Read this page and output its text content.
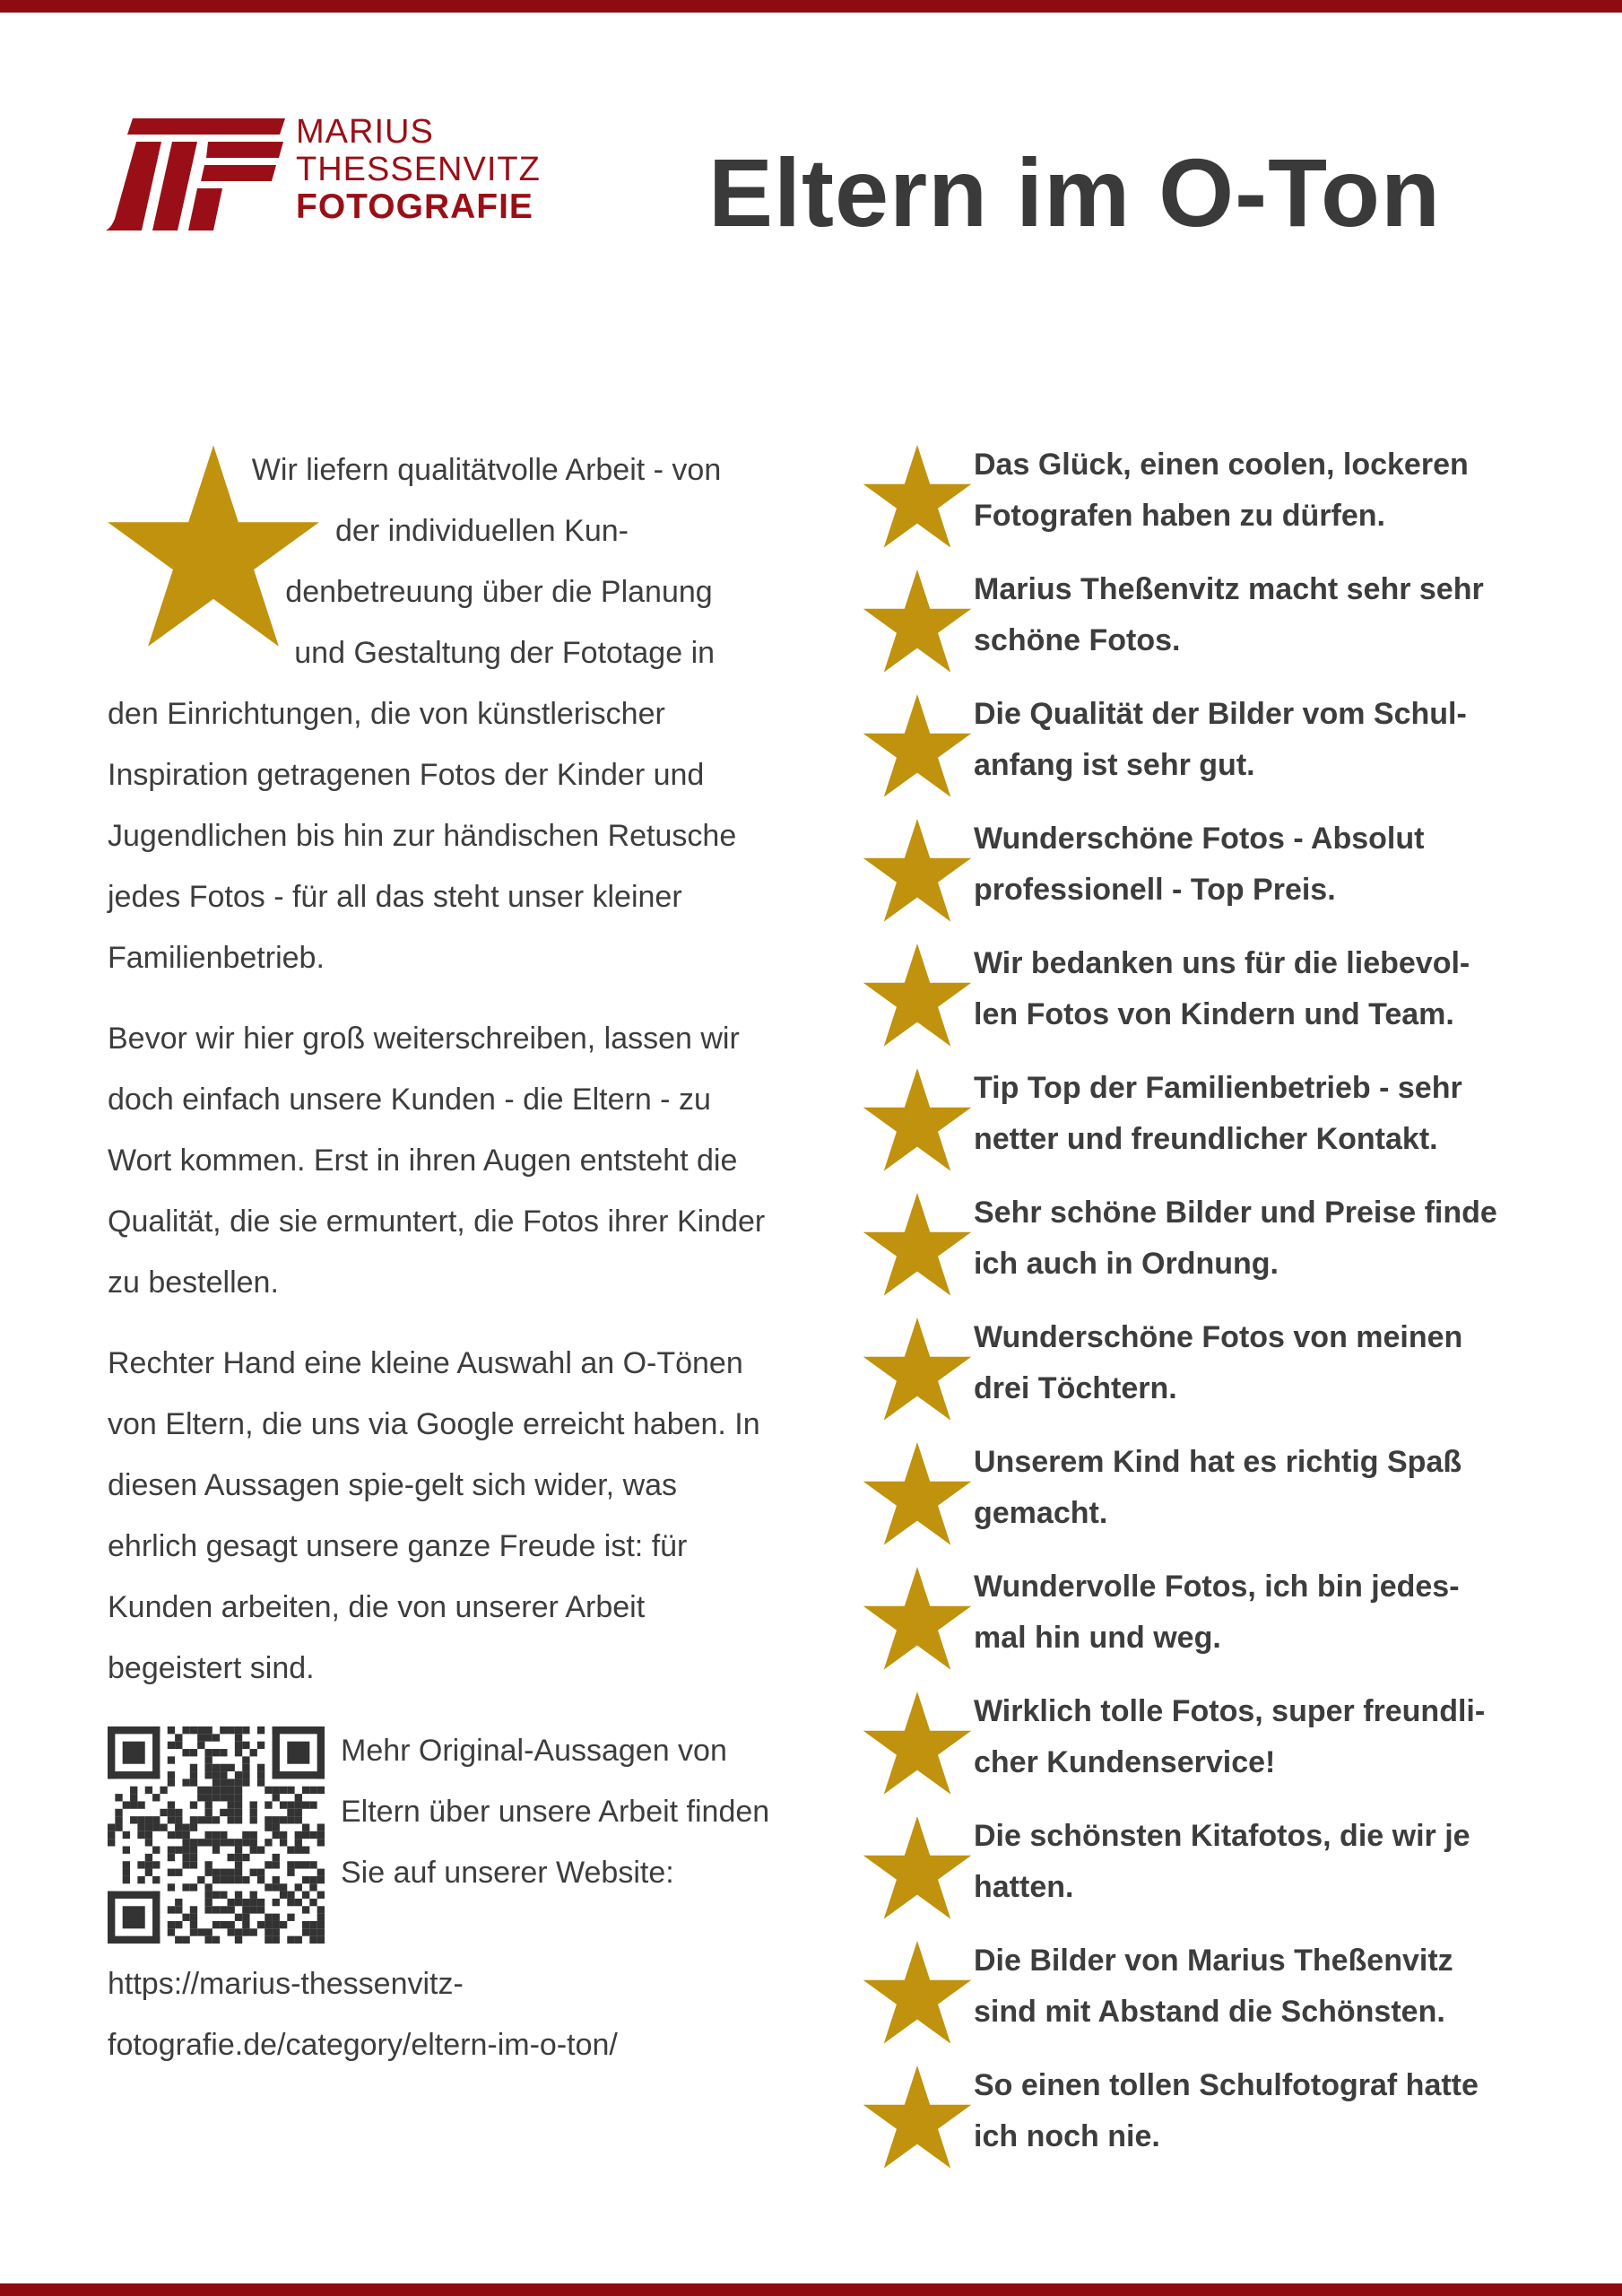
MARIUS
THESSENVITZ
FOTOGRAFIE Eltern im O-Ton

Wir liefern qualitätvolle Arbeit - von der individuellen Kun-denbetreuung über die Planung und Gestaltung der Fototage in den Einrichtungen, die von künstlerischer Inspiration getragenen Fotos der Kinder und Jugendlichen bis hin zur händischen Retusche jedes Fotos - für all das steht unser kleiner Familienbetrieb.

Bevor wir hier groß weiterschreiben, lassen wir doch einfach unsere Kunden - die Eltern - zu Wort kommen. Erst in ihren Augen entsteht die Qualität, die sie ermuntert, die Fotos ihrer Kinder zu bestellen.

Rechter Hand eine kleine Auswahl an O-Tönen von Eltern, die uns via Google erreicht haben. In diesen Aussagen spie-gelt sich wider, was ehrlich gesagt unsere ganze Freude ist: für Kunden arbeiten, die von unserer Arbeit begeistert sind.

Mehr Original-Aussagen von Eltern über unsere Arbeit finden Sie auf unserer Website:
https://marius-thessenvitz-fotografie.de/category/eltern-im-o-ton/
Das Glück, einen coolen, lockeren Fotografen haben zu dürfen.
Marius Theßenvitz macht sehr sehr schöne Fotos.
Die Qualität der Bilder vom Schul-anfang ist sehr gut.
Wunderschöne Fotos - Absolut professionell - Top Preis.
Wir bedanken uns für die liebevol-len Fotos von Kindern und Team.
Tip Top der Familienbetrieb - sehr netter und freundlicher Kontakt.
Sehr schöne Bilder und Preise finde ich auch in Ordnung.
Wunderschöne Fotos von meinen drei Töchtern.
Unserem Kind hat es richtig Spaß gemacht.
Wundervolle Fotos, ich bin jedes-mal hin und weg.
Wirklich tolle Fotos, super freundli-cher Kundenservice!
Die schönsten Kitafotos, die wir je hatten.
Die Bilder von Marius Theßenvitz sind mit Abstand die Schönsten.
So einen tollen Schulfotograf hatte ich noch nie.
